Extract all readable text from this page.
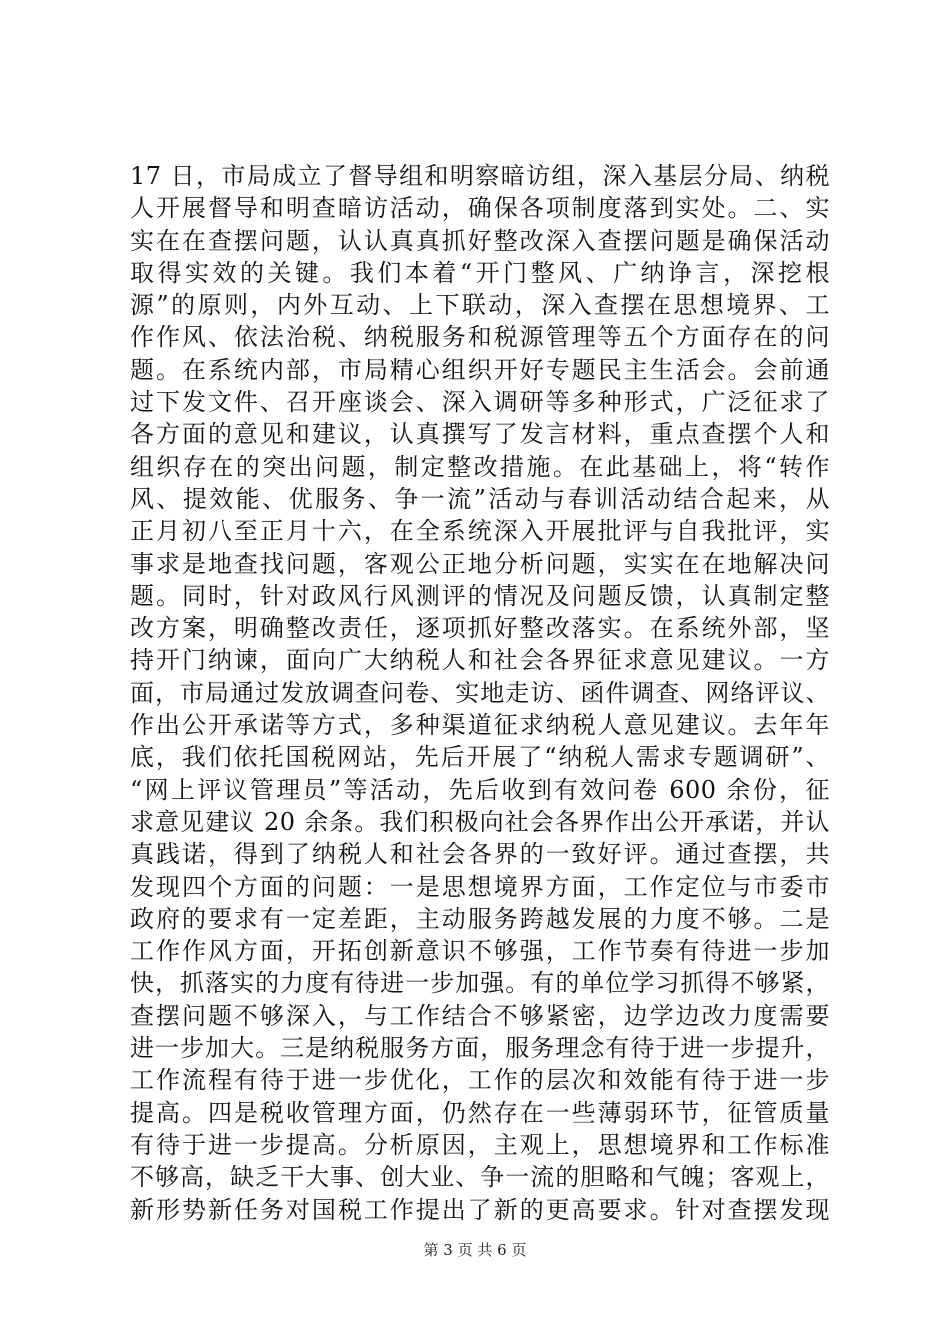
17 日，市局成立了督导组和明察暗访组，深入基层分局、纳税
人开展督导和明查暗访活动，确保各项制度落到实处。二、实
实在在查摆问题，认认真真抓好整改深入查摆问题是确保活动
取得实效的关键。我们本着“开门整风、广纳诤言，深挖根
源”的原则，内外互动、上下联动，深入查摆在思想境界、工
作作风、依法治税、纳税服务和税源管理等五个方面存在的问
题。在系统内部，市局精心组织开好专题民主生活会。会前通
过下发文件、召开座谈会、深入调研等多种形式，广泛征求了
各方面的意见和建议，认真撰写了发言材料，重点查摆个人和
组织存在的突出问题，制定整改措施。在此基础上，将“转作
风、提效能、优服务、争一流”活动与春训活动结合起来，从
正月初八至正月十六，在全系统深入开展批评与自我批评，实
事求是地查找问题，客观公正地分析问题，实实在在地解决问
题。同时，针对政风行风测评的情况及问题反馈，认真制定整
改方案，明确整改责任，逐项抓好整改落实。在系统外部，坚
持开门纳谏，面向广大纳税人和社会各界征求意见建议。一方
面，市局通过发放调查问卷、实地走访、函件调查、网络评议、
作出公开承诺等方式，多种渠道征求纳税人意见建议。去年年
底，我们依托国税网站，先后开展了“纳税人需求专题调研”、
“网上评议管理员”等活动，先后收到有效问卷 600 余份，征
求意见建议 20 余条。我们积极向社会各界作出公开承诺，并认
真践诺，得到了纳税人和社会各界的一致好评。通过查摆，共
发现四个方面的问题：一是思想境界方面，工作定位与市委市
政府的要求有一定差距，主动服务跨越发展的力度不够。二是
工作作风方面，开拓创新意识不够强，工作节奏有待进一步加
快，抓落实的力度有待进一步加强。有的单位学习抓得不够紧，
查摆问题不够深入，与工作结合不够紧密，边学边改力度需要
进一步加大。三是纳税服务方面，服务理念有待于进一步提升，
工作流程有待于进一步优化，工作的层次和效能有待于进一步
提高。四是税收管理方面，仍然存在一些薄弱环节，征管质量
有待于进一步提高。分析原因，主观上，思想境界和工作标准
不够高，缺乏干大事、创大业、争一流的胆略和气魄；客观上，
新形势新任务对国税工作提出了新的更高要求。针对查摆发现
第 3 页 共 6 页
